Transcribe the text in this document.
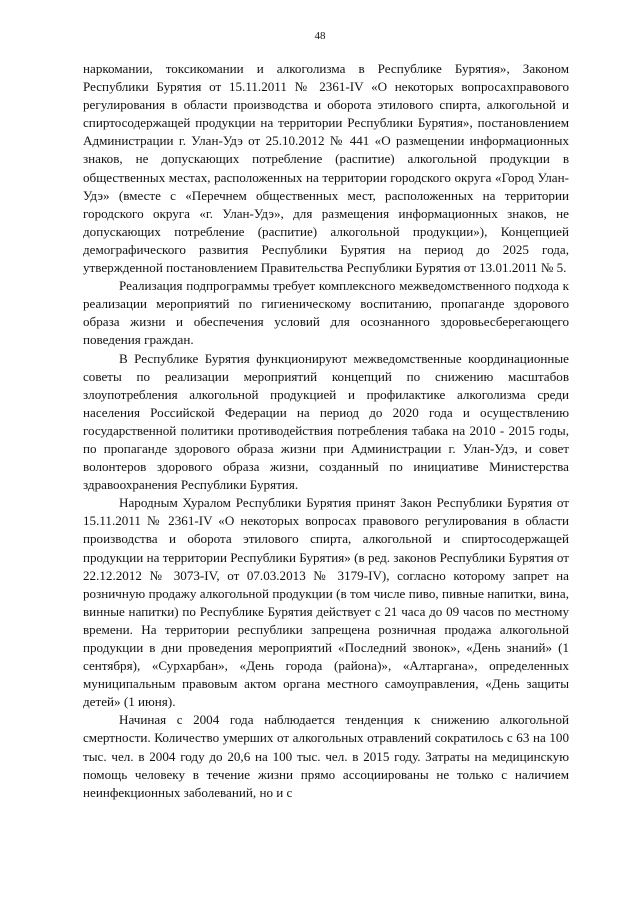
48

наркомании, токсикомании и алкоголизма в Республике Бурятия», Законом Республики Бурятия от 15.11.2011 № 2361-IV «О некоторых вопросахправового регулирования в области производства и оборота этилового спирта, алкогольной и спиртосодержащей продукции на территории Республики Бурятия», постановлением Администрации г. Улан-Удэ от 25.10.2012 № 441 «О размещении информационных знаков, не допускающих потребление (распитие) алкогольной продукции в общественных местах, расположенных на территории городского округа «Город Улан-Удэ» (вместе с «Перечнем общественных мест, расположенных на территории городского округа «г. Улан-Удэ», для размещения информационных знаков, не допускающих потребление (распитие) алкогольной продукции»), Концепцией демографического развития Республики Бурятия на период до 2025 года, утвержденной постановлением Правительства Республики Бурятия от 13.01.2011 № 5.

Реализация подпрограммы требует комплексного межведомственного подхода к реализации мероприятий по гигиеническому воспитанию, пропаганде здорового образа жизни и обеспечения условий для осознанного здоровьесберегающего поведения граждан.

В Республике Бурятия функционируют межведомственные координационные советы по реализации мероприятий концепций по снижению масштабов злоупотребления алкогольной продукцией и профилактике алкоголизма среди населения Российской Федерации на период до 2020 года и осуществлению государственной политики противодействия потребления табака на 2010 - 2015 годы, по пропаганде здорового образа жизни при Администрации г. Улан-Удэ, и совет волонтеров здорового образа жизни, созданный по инициативе Министерства здравоохранения Республики Бурятия.

Народным Хуралом Республики Бурятия принят Закон Республики Бурятия от 15.11.2011 № 2361-IV «О некоторых вопросах правового регулирования в области производства и оборота этилового спирта, алкогольной и спиртосодержащей продукции на территории Республики Бурятия» (в ред. законов Республики Бурятия от 22.12.2012 № 3073-IV, от 07.03.2013 № 3179-IV), согласно которому запрет на розничную продажу алкогольной продукции (в том числе пиво, пивные напитки, вина, винные напитки) по Республике Бурятия действует с 21 часа до 09 часов по местному времени. На территории республики запрещена розничная продажа алкогольной продукции в дни проведения мероприятий «Последний звонок», «День знаний» (1 сентября), «Сурхарбан», «День города (района)», «Алтаргана», определенных муниципальным правовым актом органа местного самоуправления, «День защиты детей» (1 июня).

Начиная с 2004 года наблюдается тенденция к снижению алкогольной смертности. Количество умерших от алкогольных отравлений сократилось с 63 на 100 тыс. чел. в 2004 году до 20,6 на 100 тыс. чел. в 2015 году. Затраты на медицинскую помощь человеку в течение жизни прямо ассоциированы не только с наличием неинфекционных заболеваний, но и с
